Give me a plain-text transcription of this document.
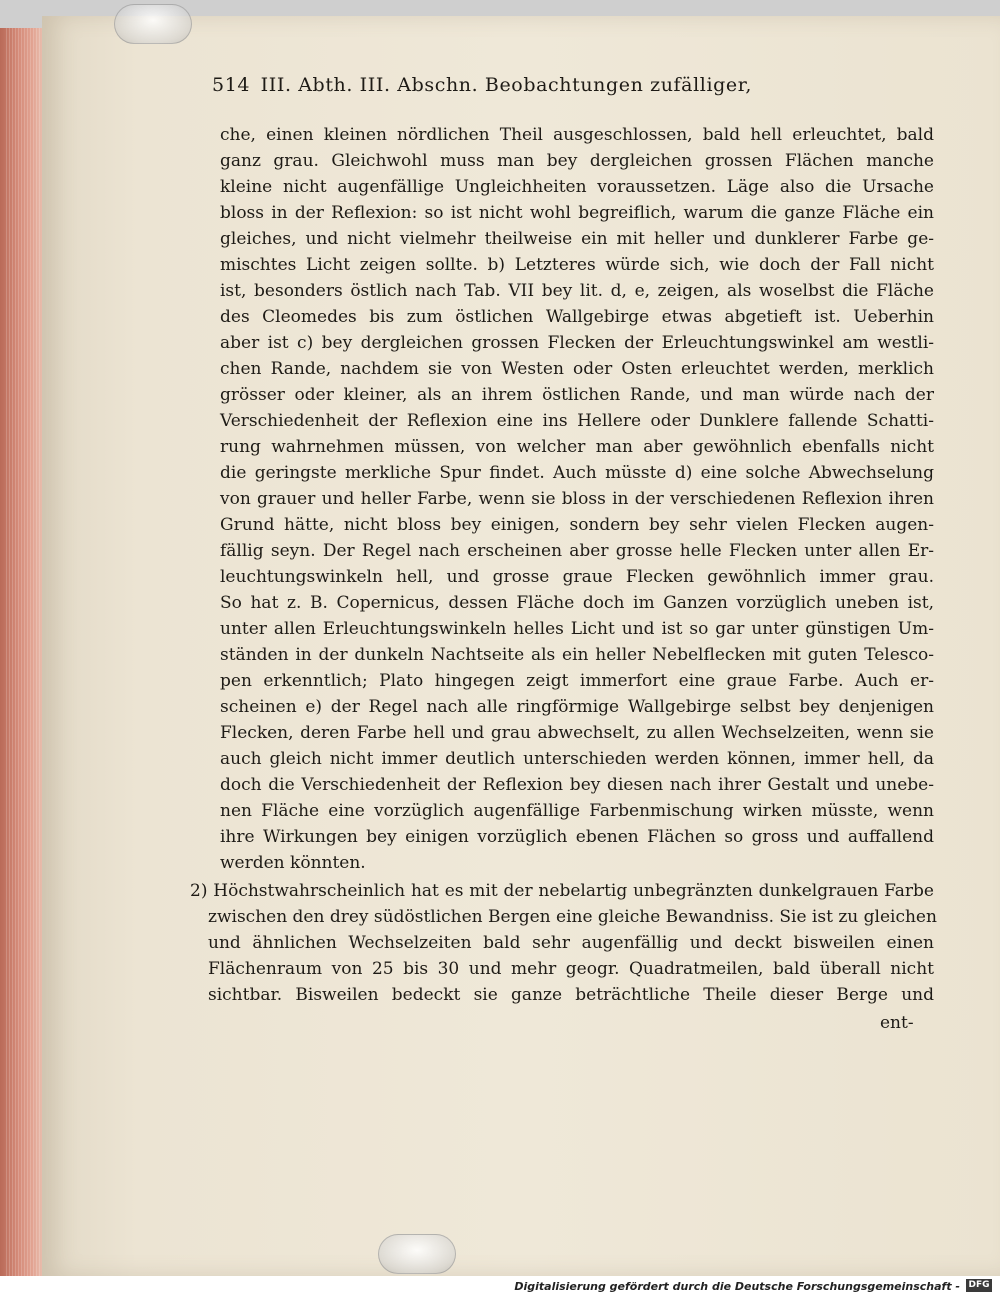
514 III. Abth. III. Abschn. Beobachtungen zufälliger,
che, einen kleinen nördlichen Theil ausgeschlossen, bald hell erleuchtet, bald
ganz grau. Gleichwohl muss man bey dergleichen grossen Flächen manche
kleine nicht augenfällige Ungleichheiten voraussetzen. Läge also die Ursache
bloss in der Reflexion: so ist nicht wohl begreiflich, warum die ganze Fläche ein
gleiches, und nicht vielmehr theilweise ein mit heller und dunklerer Farbe ge-
mischtes Licht zeigen sollte. b) Letzteres würde sich, wie doch der Fall nicht
ist, besonders östlich nach Tab. VII bey lit. d, e, zeigen, als woselbst die Fläche
des Cleomedes bis zum östlichen Wallgebirge etwas abgetieft ist. Ueberhin
aber ist c) bey dergleichen grossen Flecken der Erleuchtungswinkel am westli-
chen Rande, nachdem sie von Westen oder Osten erleuchtet werden, merklich
grösser oder kleiner, als an ihrem östlichen Rande, und man würde nach der
Verschiedenheit der Reflexion eine ins Hellere oder Dunklere fallende Schatti-
rung wahrnehmen müssen, von welcher man aber gewöhnlich ebenfalls nicht
die geringste merkliche Spur findet. Auch müsste d) eine solche Abwechselung
von grauer und heller Farbe, wenn sie bloss in der verschiedenen Reflexion ihren
Grund hätte, nicht bloss bey einigen, sondern bey sehr vielen Flecken augen-
fällig seyn. Der Regel nach erscheinen aber grosse helle Flecken unter allen Er-
leuchtungswinkeln hell, und grosse graue Flecken gewöhnlich immer grau.
So hat z. B. Copernicus, dessen Fläche doch im Ganzen vorzüglich uneben ist,
unter allen Erleuchtungswinkeln helles Licht und ist so gar unter günstigen Um-
ständen in der dunkeln Nachtseite als ein heller Nebelflecken mit guten Telesco-
pen erkenntlich; Plato hingegen zeigt immerfort eine graue Farbe. Auch er-
scheinen e) der Regel nach alle ringförmige Wallgebirge selbst bey denjenigen
Flecken, deren Farbe hell und grau abwechselt, zu allen Wechselzeiten, wenn sie
auch gleich nicht immer deutlich unterschieden werden können, immer hell, da
doch die Verschiedenheit der Reflexion bey diesen nach ihrer Gestalt und unebe-
nen Fläche eine vorzüglich augenfällige Farbenmischung wirken müsste, wenn
ihre Wirkungen bey einigen vorzüglich ebenen Flächen so gross und auffallend
werden könnten.
2) Höchstwahrscheinlich hat es mit der nebelartig unbegränzten dunkelgrauen Farbe
zwischen den drey südöstlichen Bergen eine gleiche Bewandniss. Sie ist zu gleichen
und ähnlichen Wechselzeiten bald sehr augenfällig und deckt bisweilen einen
Flächenraum von 25 bis 30 und mehr geogr. Quadratmeilen, bald überall nicht
sichtbar. Bisweilen bedeckt sie ganze beträchtliche Theile dieser Berge und
ent-
Digitalisierung gefördert durch die Deutsche Forschungsgemeinschaft - DFG
